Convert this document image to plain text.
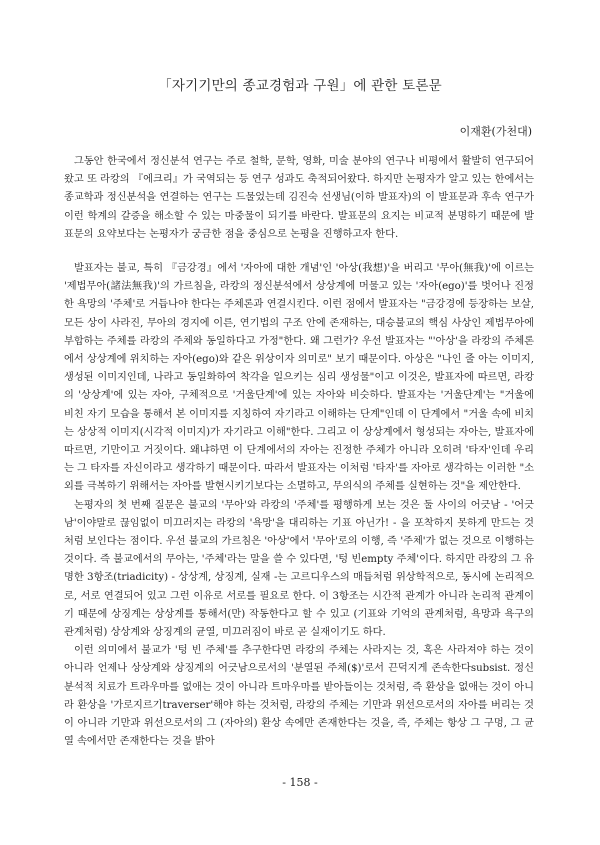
「자기기만의 종교경험과 구원」에 관한 토론문
이재환(가천대)

그동안 한국에서 정신분석 연구는 주로 철학, 문학, 영화, 미술 분야의 연구나 비평에서 활발히 연구되어 왔고 또 라캉의 『에크리』가 국역되는 등 연구 성과도 축적되어왔다. 하지만 논평자가 알고 있는 한에서는 종교학과 정신분석을 연결하는 연구는 드물었는데 김진숙 선생님(이하 발표자)의 이 발표문과 후속 연구가 이런 학계의 갈증을 해소할 수 있는 마중물이 되기를 바란다. 발표문의 요지는 비교적 분명하기 때문에 발표문의 요약보다는 논평자가 궁금한 점을 중심으로 논평을 진행하고자 한다.

발표자는 불교, 특히 『금강경』에서 '자아에 대한 개념'인 '아상(我想)'을 버리고 '무아(無我)'에 이르는 '제법무아(諸法無我)'의 가르침을, 라캉의 정신분석에서 상상계에 머물고 있는 '자아(ego)'를 벗어나 진정한 욕망의 '주체'로 거듭나야 한다는 주체론과 연결시킨다. 이런 점에서 발표자는 "금강경에 등장하는 보살, 모든 상이 사라진, 무아의 경지에 이른, 연기법의 구조 안에 존재하는, 대승불교의 핵심 사상인 제법무아에 부합하는 주체를 라캉의 주체와 동일하다고 가정"한다. 왜 그런가? 우선 발표자는 "'아상'을 라캉의 주체론에서 상상계에 위치하는 자아(ego)와 같은 위상이자 의미로" 보기 때문이다. 아상은 "나인 줄 아는 이미지, 생성된 이미지인데, 나라고 동일화하여 착각을 일으키는 심리 생성물"이고 이것은, 발표자에 따르면, 라캉의 '상상계'에 있는 자아, 구체적으로 '거울단계'에 있는 자아와 비슷하다. 발표자는 '거울단계'는 "거울에 비친 자기 모습을 통해서 본 이미지를 지칭하여 자기라고 이해하는 단계"인데 이 단계에서 "거울 속에 비치는 상상적 이미지(시각적 이미지)가 자기라고 이해"한다. 그리고 이 상상계에서 형성되는 자아는, 발표자에 따르면, 기만이고 거짓이다. 왜냐하면 이 단계에서의 자아는 진정한 주체가 아니라 오히려 '타자'인데 우리는 그 타자를 자신이라고 생각하기 때문이다. 따라서 발표자는 이처럼 '타자'를 자아로 생각하는 이러한 "소외를 극복하기 위해서는 자아를 발현시키기보다는 소멸하고, 무의식의 주체를 실현하는 것"을 제안한다.

논평자의 첫 번째 질문은 불교의 '무아'와 라캉의 '주체'를 평행하게 보는 것은 둘 사이의 어긋남 - '어긋남'이야말로 끊임없이 미끄러지는 라캉의 '욕망'을 대리하는 기표 아닌가! - 을 포착하지 못하게 만드는 것처럼 보인다는 점이다. 우선 불교의 가르침은 '아상'에서 '무아'로의 이행, 즉 '주체'가 없는 것으로 이행하는 것이다. 즉 불교에서의 무아는, '주체'라는 말을 쓸 수 있다면, '텅 빈empty 주체'이다. 하지만 라캉의 그 유명한 3항조(triadicity) - 상상계, 상징계, 실재 -는 고르디우스의 매듭처럼 위상학적으로, 동시에 논리적으로, 서로 연결되어 있고 그런 이유로 서로를 필요로 한다. 이 3항조는 시간적 관계가 아니라 논리적 관계이기 때문에 상징계는 상상계를 통해서(만) 작동한다고 할 수 있고 (기표와 기억의 관계처럼, 욕망과 욕구의 관계처럼) 상상계와 상징계의 균열, 미끄러짐이 바로 곧 실재이기도 하다.

이런 의미에서 불교가 '텅 빈 주체'를 추구한다면 라캉의 주체는 사라지는 것, 혹은 사라져야 하는 것이 아니라 언제나 상상계와 상징계의 어긋남으로서의 '분열된 주체($)'로서 끈덕지게 존속한다subsist. 정신분석적 치료가 트라우마를 없애는 것이 아니라 트마우마를 받아들이는 것처럼, 즉 환상을 없애는 것이 아니라 환상을 '가로지르기traverser'해야 하는 것처럼, 라캉의 주체는 기만과 위선으로서의 자아를 버리는 것이 아니라 기만과 위선으로서의 그 (자아의) 환상 속에만 존재한다는 것을, 즉, 주체는 항상 그 구멍, 그 균열 속에서만 존재한다는 것을 밝아

- 158 -
